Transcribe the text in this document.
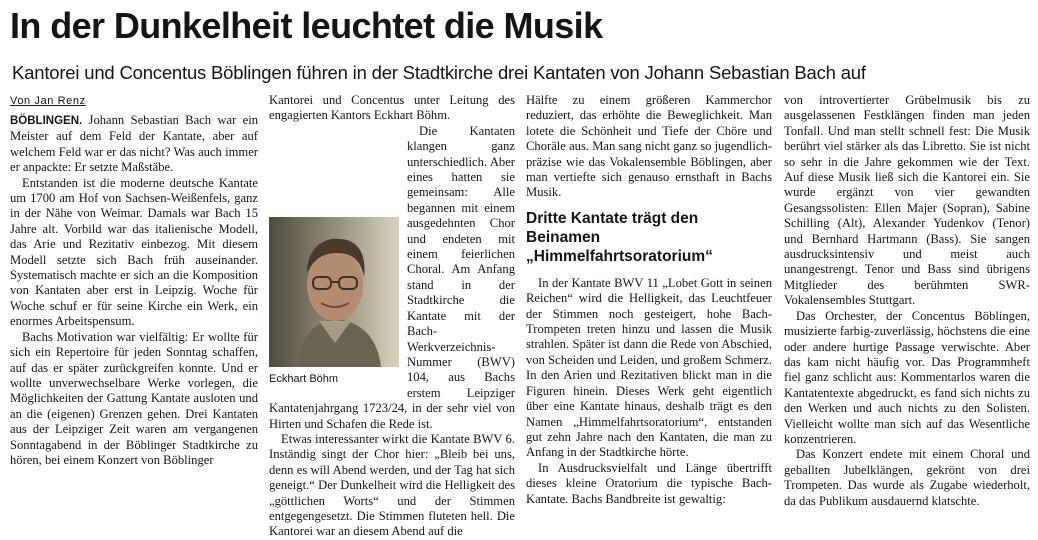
In der Dunkelheit leuchtet die Musik
Kantorei und Concentus Böblingen führen in der Stadtkirche drei Kantaten von Johann Sebastian Bach auf
Von Jan Renz

BÖBLINGEN. Johann Sebastian Bach war ein Meister auf dem Feld der Kantate, aber auf welchem Feld war er das nicht? Was auch immer er anpackte: Er setzte Maßstäbe.

Entstanden ist die moderne deutsche Kantate um 1700 am Hof von Sachsen-Weißenfels, ganz in der Nähe von Weimar. Damals war Bach 15 Jahre alt. Vorbild war das italienische Modell, das Arie und Rezitativ einbezog. Mit diesem Modell setzte sich Bach früh auseinander. Systematisch machte er sich an die Komposition von Kantaten aber erst in Leipzig. Woche für Woche schuf er für seine Kirche ein Werk, ein enormes Arbeitspensum.

Bachs Motivation war vielfältig: Er wollte für sich ein Repertoire für jeden Sonntag schaffen, auf das er später zurückgreifen konnte. Und er wollte unverwechselbare Werke vorlegen, die Möglichkeiten der Gattung Kantate ausloten und an die (eigenen) Grenzen gehen. Drei Kantaten aus der Leipziger Zeit waren am vergangenen Sonntagabend in der Böblinger Stadtkirche zu hören, bei einem Konzert von Böblinger

Kantorei und Concentus unter Leitung des engagierten Kantors Eckhart Böhm.

Die Kantaten klangen ganz unterschiedlich. Aber eines hatten sie gemeinsam: Alle begannen mit einem ausgedehnten Chor und endeten mit einem feierlichen Choral. Am Anfang stand in der Stadtkirche die Kantate mit der Bach-Werkverzeichnis-Nummer (BWV) 104, aus Bachs erstem Leipziger Kantatenjahrgang 1723/24, in der sehr viel von Hirten und Schafen die Rede ist.

Etwas interessanter wirkt die Kantate BWV 6. Inständig singt der Chor hier: „Bleib bei uns, denn es will Abend werden, und der Tag hat sich geneigt.“ Der Dunkelheit wird die Helligkeit des „göttlichen Worts“ und der Stimmen entgegengesetzt. Die Stimmen fluteten hell. Die Kantorei war an diesem Abend auf die

Eckhart Böhm

Hälfte zu einem größeren Kammerchor reduziert, das erhöhte die Beweglichkeit. Man lotete die Schönheit und Tiefe der Chöre und Choräle aus. Man sang nicht ganz so jugendlich-präzise wie das Vokalensemble Böblingen, aber man vertiefte sich genauso ernsthaft in Bachs Musik.

Dritte Kantate trägt den Beinamen „Himmelfahrtsoratorium“

In der Kantate BWV 11 „Lobet Gott in seinen Reichen“ wird die Helligkeit, das Leuchtfeuer der Stimmen noch gesteigert, hohe Bach-Trompeten treten hinzu und lassen die Musik strahlen. Später ist dann die Rede von Abschied, von Scheiden und Leiden, und großem Schmerz. In den Arien und Rezitativen blickt man in die Figuren hinein. Dieses Werk geht eigentlich über eine Kantate hinaus, deshalb trägt es den Namen „Himmelfahrtsoratorium“, entstanden gut zehn Jahre nach den Kantaten, die man zu Anfang in der Stadtkirche hörte.

In Ausdrucksvielfalt und Länge übertrifft dieses kleine Oratorium die typische Bach-Kantate. Bachs Bandbreite ist gewaltig:

von introvertierter Grübelmusik bis zu ausgelassenen Festklängen finden man jeden Tonfall. Und man stellt schnell fest: Die Musik berührt viel stärker als das Libretto. Sie ist nicht so sehr in die Jahre gekommen wie der Text. Auf diese Musik ließ sich die Kantorei ein. Sie wurde ergänzt von vier gewandten Gesangssolisten: Ellen Majer (Sopran), Sabine Schilling (Alt), Alexander Yudenkov (Tenor) und Bernhard Hartmann (Bass). Sie sangen ausdrucksintensiv und meist auch unangestrengt. Tenor und Bass sind übrigens Mitglieder des berühmten SWR-Vokalensembles Stuttgart.

Das Orchester, der Concentus Böblingen, musizierte farbig-zuverlässig, höchstens die eine oder andere hurtige Passage verwischte. Aber das kam nicht häufig vor. Das Programmheft fiel ganz schlicht aus: Kommentarlos waren die Kantatentexte abgedruckt, es fand sich nichts zu den Werken und auch nichts zu den Solisten. Vielleicht wollte man sich auf das Wesentliche konzentrieren.

Das Konzert endete mit einem Choral und geballten Jubelklängen, gekrönt von drei Trompeten. Das wurde als Zugabe wiederholt, da das Publikum ausdauernd klatschte.
